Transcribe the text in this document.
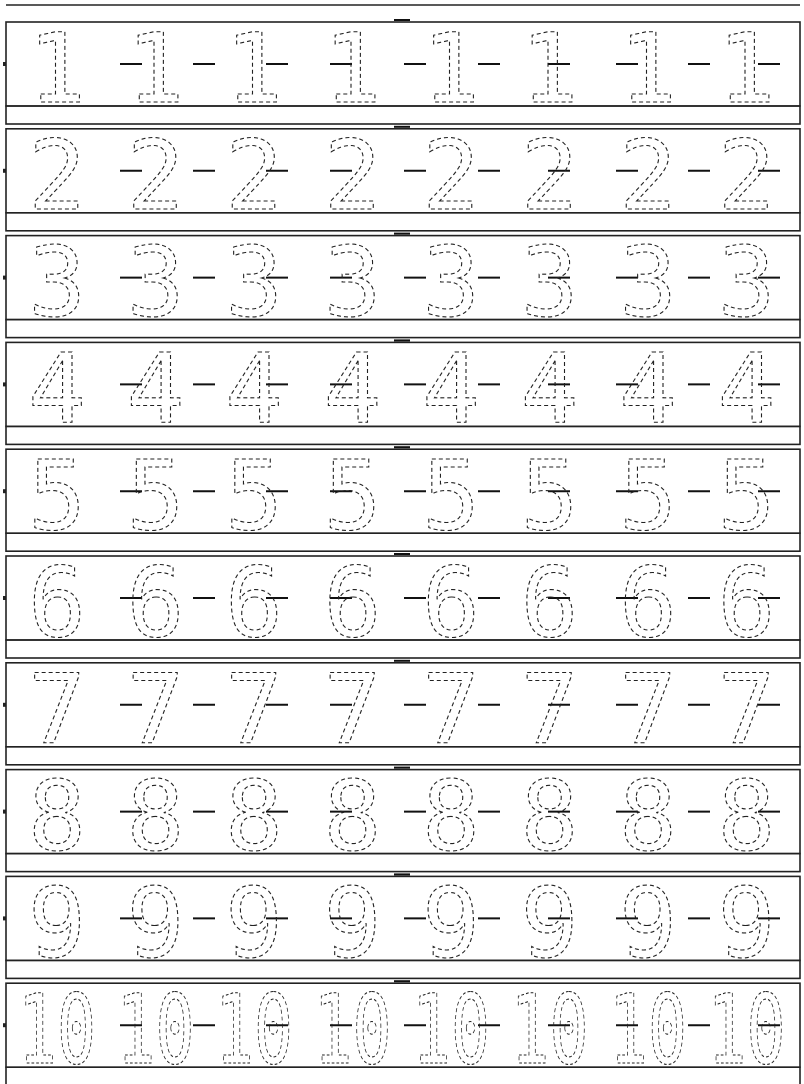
1 1 1 1 1 1 1 1
2 2 2 2 2 2 2 2
3 3 3 3 3 3 3 3
4 4 4 4 4 4 4 4
5 5 5 5 5 5 5 5
6 6 6 6 6 6 6 6
7 7 7 7 7 7 7 7
8 8 8 8 8 8 8 8
9 9 9 9 9 9 9 9
10 10 10 10 10 10 10 10
